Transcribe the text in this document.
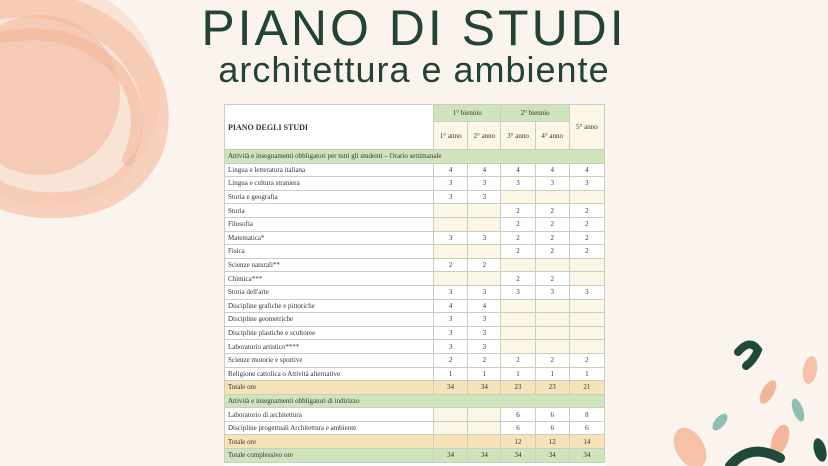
PIANO DI STUDI
architettura e ambiente
PIANO DEGLI STUDI	1° biennio		2° biennio		5° anno
	1° anno	2° anno	3° anno	4° anno	
Attività e insegnamenti obbligatori per tutti gli studenti – Orario settimanale					
Lingua e letteratura italiana	4	4	4	4	4
Lingua e cultura straniera	3	3	3	3	3
Storia e geografia	3	3			
Storia			2	2	2
Filosofia			2	2	2
Matematica*	3	3	2	2	2
Fisica			2	2	2
Scienze naturali**	2	2			
Chimica***			2	2	
Storia dell'arte	3	3	3	3	3
Discipline grafiche e pittoriche	4	4			
Discipline geometriche	3	3			
Discipline plastiche e scultoree	3	3			
Laboratorio artistico****	3	3			
Scienze motorie e sportive	2	2	2	2	2
Religione cattolica o Attività alternative	1	1	1	1	1
Totale ore	34	34	23	23	21
Attività e insegnamenti obbligatori di indirizzo					
Laboratorio di architettura			6	6	8
Discipline progettuali Architettura e ambiente			6	6	6
Totale ore			12	12	14
Totale complessivo ore	34	34	34	34	34
